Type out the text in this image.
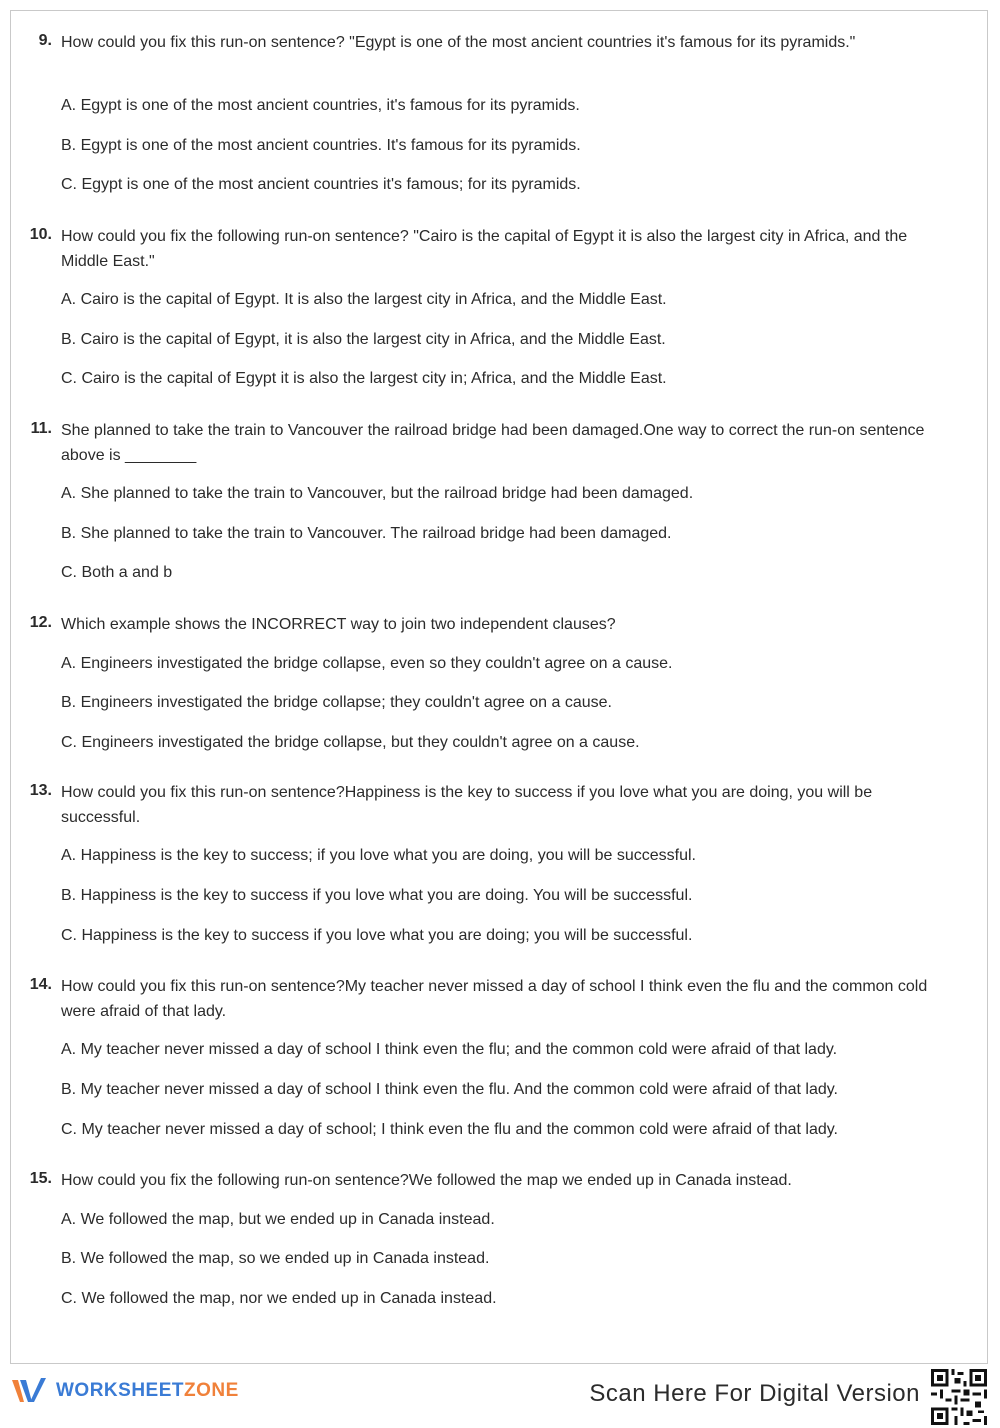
9. How could you fix this run-on sentence? "Egypt is one of the most ancient countries it's famous for its pyramids."
A. Egypt is one of the most ancient countries, it's famous for its pyramids.
B. Egypt is one of the most ancient countries. It's famous for its pyramids.
C. Egypt is one of the most ancient countries it's famous; for its pyramids.
10. How could you fix the following run-on sentence? "Cairo is the capital of Egypt it is also the largest city in Africa, and the Middle East."
A. Cairo is the capital of Egypt. It is also the largest city in Africa, and the Middle East.
B. Cairo is the capital of Egypt, it is also the largest city in Africa, and the Middle East.
C. Cairo is the capital of Egypt it is also the largest city in; Africa, and the Middle East.
11. She planned to take the train to Vancouver the railroad bridge had been damaged.One way to correct the run-on sentence above is ________
A. She planned to take the train to Vancouver, but the railroad bridge had been damaged.
B. She planned to take the train to Vancouver. The railroad bridge had been damaged.
C. Both a and b
12. Which example shows the INCORRECT way to join two independent clauses?
A. Engineers investigated the bridge collapse, even so they couldn't agree on a cause.
B. Engineers investigated the bridge collapse; they couldn't agree on a cause.
C. Engineers investigated the bridge collapse, but they couldn't agree on a cause.
13. How could you fix this run-on sentence?Happiness is the key to success if you love what you are doing, you will be successful.
A. Happiness is the key to success; if you love what you are doing, you will be successful.
B. Happiness is the key to success if you love what you are doing. You will be successful.
C. Happiness is the key to success if you love what you are doing; you will be successful.
14. How could you fix this run-on sentence?My teacher never missed a day of school I think even the flu and the common cold were afraid of that lady.
A. My teacher never missed a day of school I think even the flu; and the common cold were afraid of that lady.
B. My teacher never missed a day of school I think even the flu. And the common cold were afraid of that lady.
C. My teacher never missed a day of school; I think even the flu and the common cold were afraid of that lady.
15. How could you fix the following run-on sentence?We followed the map we ended up in Canada instead.
A. We followed the map, but we ended up in Canada instead.
B. We followed the map, so we ended up in Canada instead.
C. We followed the map, nor we ended up in Canada instead.
WORKSHEETZONE	Scan Here For Digital Version
